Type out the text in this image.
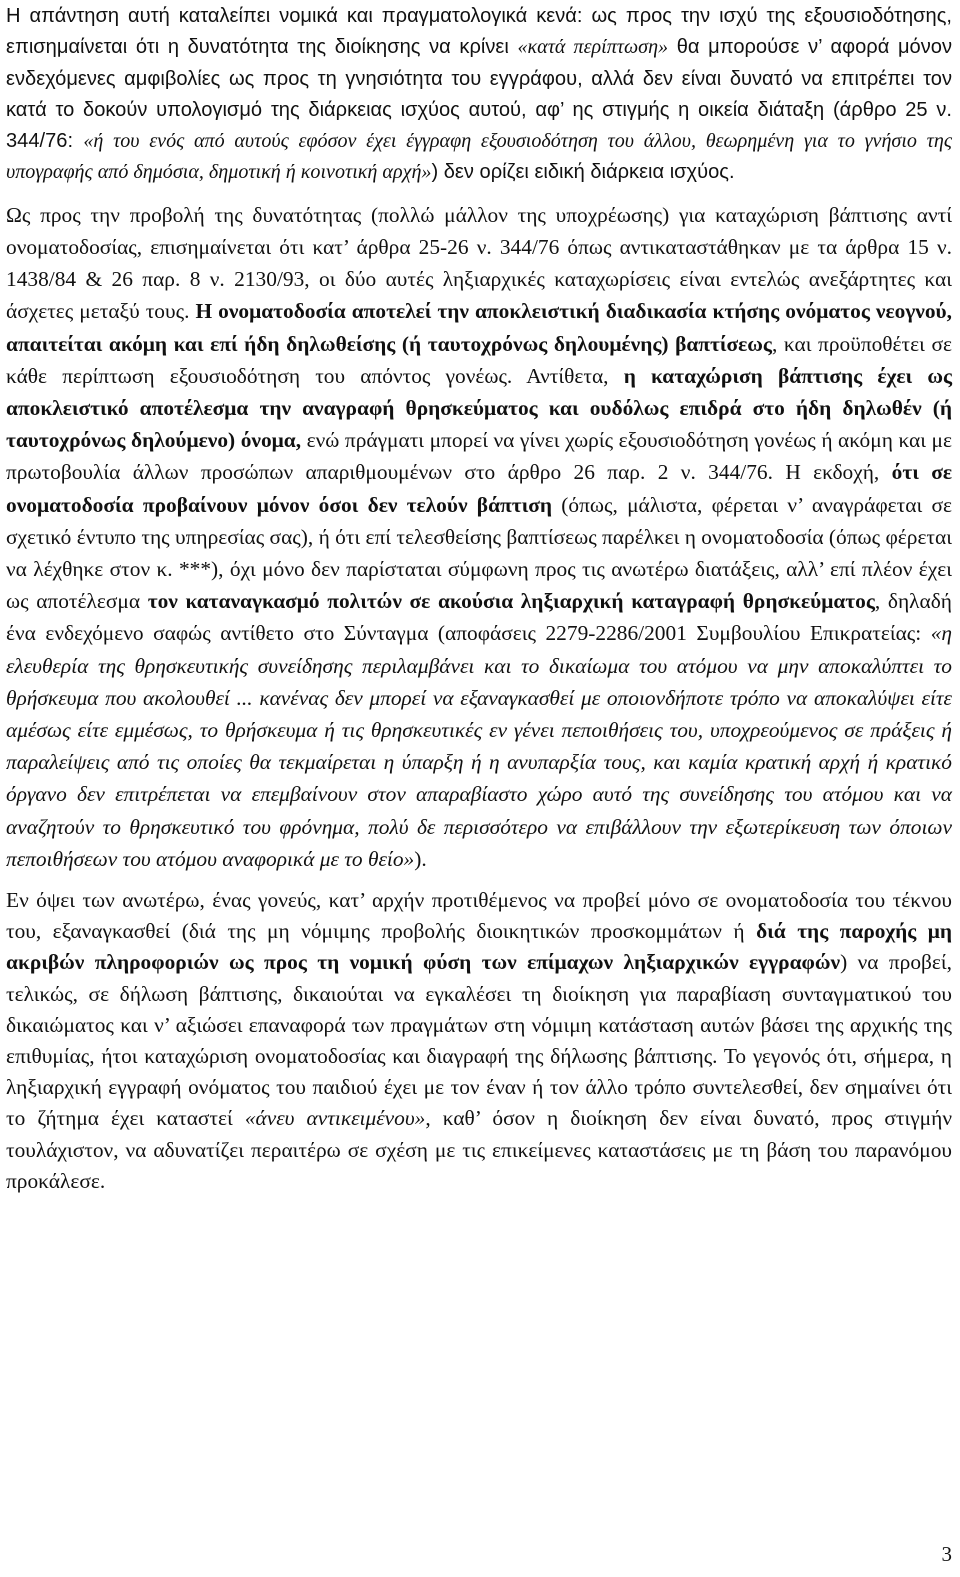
Η απάντηση αυτή καταλείπει νομικά και πραγματολογικά κενά: ως προς την ισχύ της εξουσιοδότησης, επισημαίνεται ότι η δυνατότητα της διοίκησης να κρίνει «κατά περίπτωση» θα μπορούσε ν’ αφορά μόνον ενδεχόμενες αμφιβολίες ως προς τη γνησιότητα του εγγράφου, αλλά δεν είναι δυνατό να επιτρέπει τον κατά το δοκούν υπολογισμό της διάρκειας ισχύος αυτού, αφ’ ης στιγμής η οικεία διάταξη (άρθρο 25 ν. 344/76: «ή του ενός από αυτούς εφόσον έχει έγγραφη εξουσιοδότηση του άλλου, θεωρημένη για το γνήσιο της υπογραφής από δημόσια, δημοτική ή κοινοτική αρχή») δεν ορίζει ειδική διάρκεια ισχύος.

Ως προς την προβολή της δυνατότητας (πολλώ μάλλον της υποχρέωσης) για καταχώριση βάπτισης αντί ονοματοδοσίας, επισημαίνεται ότι κατ’ άρθρα 25-26 ν. 344/76 όπως αντικαταστάθηκαν με τα άρθρα 15 ν. 1438/84 & 26 παρ. 8 ν. 2130/93, οι δύο αυτές ληξιαρχικές καταχωρίσεις είναι εντελώς ανεξάρτητες και άσχετες μεταξύ τους. Η ονοματοδοσία αποτελεί την αποκλειστική διαδικασία κτήσης ονόματος νεογνού, απαιτείται ακόμη και επί ήδη δηλωθείσης (ή ταυτοχρόνως δηλουμένης) βαπτίσεως, και προϋποθέτει σε κάθε περίπτωση εξουσιοδότηση του απόντος γονέως. Αντίθετα, η καταχώριση βάπτισης έχει ως αποκλειστικό αποτέλεσμα την αναγραφή θρησκεύματος και ουδόλως επιδρά στο ήδη δηλωθέν (ή ταυτοχρόνως δηλούμενο) όνομα, ενώ πράγματι μπορεί να γίνει χωρίς εξουσιοδότηση γονέως ή ακόμη και με πρωτοβουλία άλλων προσώπων απαριθμουμένων στο άρθρο 26 παρ. 2 ν. 344/76. Η εκδοχή, ότι σε ονοματοδοσία προβαίνουν μόνον όσοι δεν τελούν βάπτιση (όπως, μάλιστα, φέρεται ν’ αναγράφεται σε σχετικό έντυπο της υπηρεσίας σας), ή ότι επί τελεσθείσης βαπτίσεως παρέλκει η ονοματοδοσία (όπως φέρεται να λέχθηκε στον κ. ***), όχι μόνο δεν παρίσταται σύμφωνη προς τις ανωτέρω διατάξεις, αλλ’ επί πλέον έχει ως αποτέλεσμα τον καταναγκασμό πολιτών σε ακούσια ληξιαρχική καταγραφή θρησκεύματος, δηλαδή ένα ενδεχόμενο σαφώς αντίθετο στο Σύνταγμα (αποφάσεις 2279-2286/2001 Συμβουλίου Επικρατείας: «η ελευθερία της θρησκευτικής συνείδησης περιλαμβάνει και το δικαίωμα του ατόμου να μην αποκαλύπτει το θρήσκευμα που ακολουθεί ... κανένας δεν μπορεί να εξαναγκασθεί με οποιονδήποτε τρόπο να αποκαλύψει είτε αμέσως είτε εμμέσως, το θρήσκευμα ή τις θρησκευτικές εν γένει πεποιθήσεις του, υποχρεούμενος σε πράξεις ή παραλείψεις από τις οποίες θα τεκμαίρεται η ύπαρξη ή η ανυπαρξία τους, και καμία κρατική αρχή ή κρατικό όργανο δεν επιτρέπεται να επεμβαίνουν στον απαραβίαστο χώρο αυτό της συνείδησης του ατόμου και να αναζητούν το θρησκευτικό του φρόνημα, πολύ δε περισσότερο να επιβάλλουν την εξωτερίκευση των όποιων πεποιθήσεων του ατόμου αναφορικά με το θείο»).

Εν όψει των ανωτέρω, ένας γονεύς, κατ’ αρχήν προτιθέμενος να προβεί μόνο σε ονοματοδοσία του τέκνου του, εξαναγκασθεί (διά της μη νόμιμης προβολής διοικητικών προσκομμάτων ή διά της παροχής μη ακριβών πληροφοριών ως προς τη νομική φύση των επίμαχων ληξιαρχικών εγγραφών) να προβεί, τελικώς, σε δήλωση βάπτισης, δικαιούται να εγκαλέσει τη διοίκηση για παραβίαση συνταγματικού του δικαιώματος και ν’ αξιώσει επαναφορά των πραγμάτων στη νόμιμη κατάσταση αυτών βάσει της αρχικής της επιθυμίας, ήτοι καταχώριση ονοματοδοσίας και διαγραφή της δήλωσης βάπτισης. Το γεγονός ότι, σήμερα, η ληξιαρχική εγγραφή ονόματος του παιδιού έχει με τον έναν ή τον άλλο τρόπο συντελεσθεί, δεν σημαίνει ότι το ζήτημα έχει καταστεί «άνευ αντικειμένου», καθ’ όσον η διοίκηση δεν είναι δυνατό, προς στιγμήν τουλάχιστον, να αδυνατίζει περαιτέρω σε σχέση με τις επικείμενες καταστάσεις με τη βάση του παρανόμου προκάλεσε.

3
